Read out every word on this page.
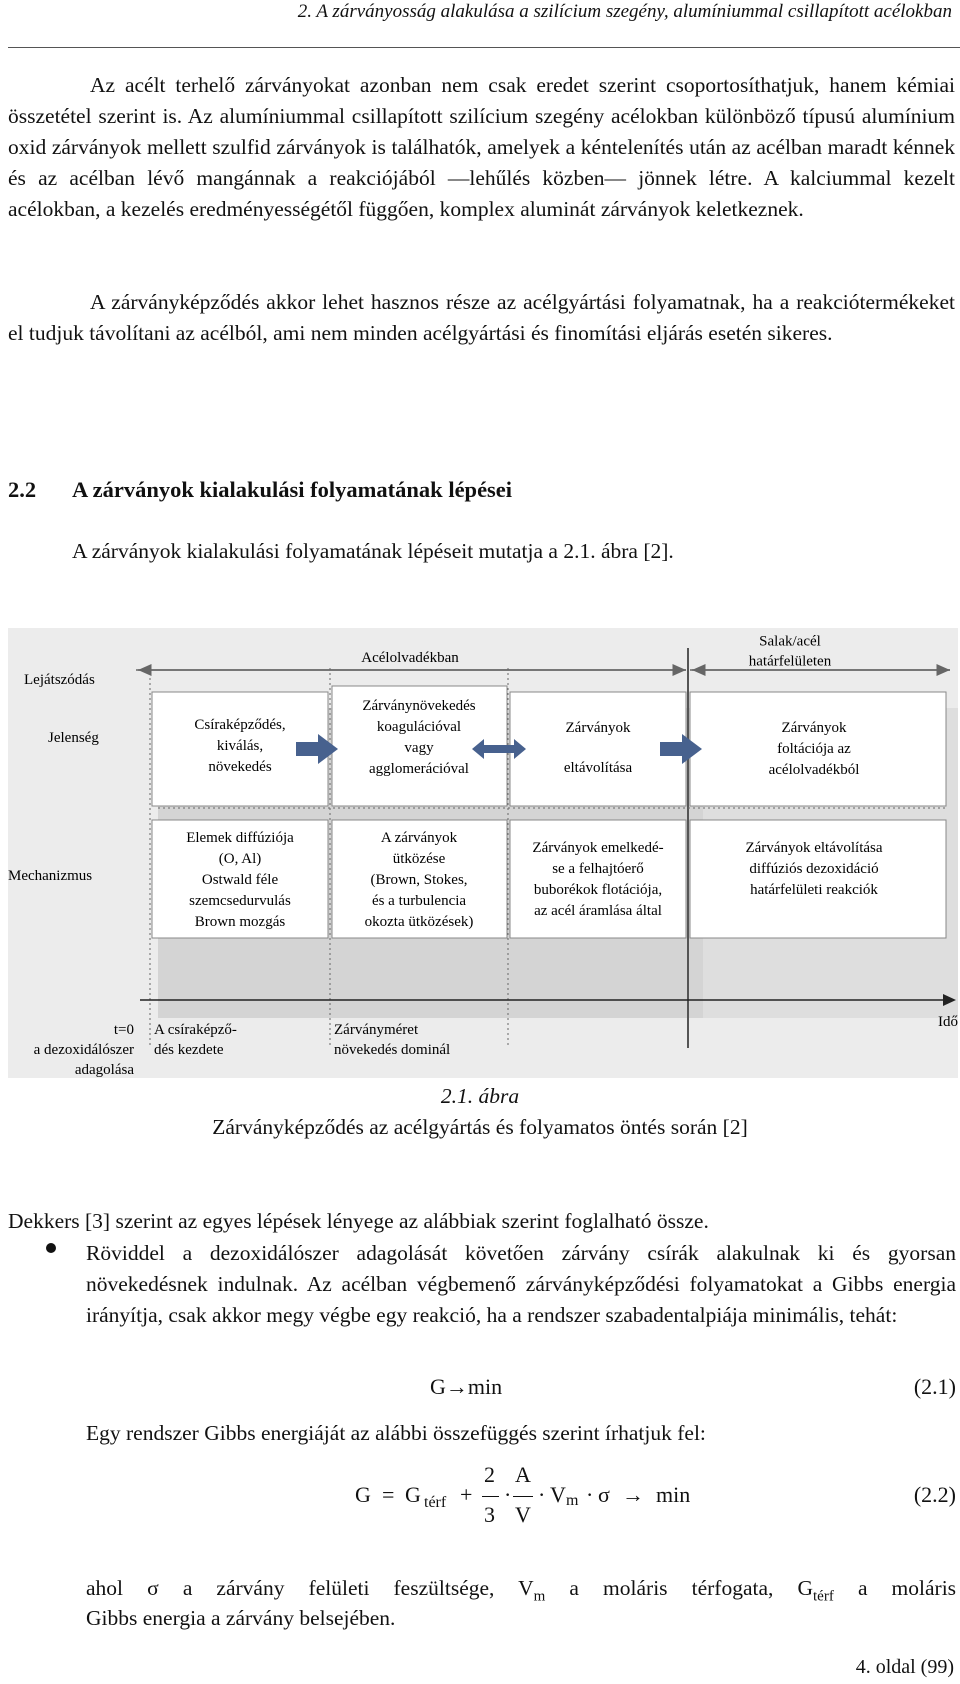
2. A zárványosság alakulása a szilícium szegény, alumíniummal csillapított acélokban

Az acélt terhelő zárványokat azonban nem csak eredet szerint csoportosíthatjuk, hanem kémiai összetétel szerint is. Az alumíniummal csillapított szilícium szegény acélokban különböző típusú alumínium oxid zárványok mellett szulfid zárványok is találhatók, amelyek a kéntelenítés után az acélban maradt kénnek és az acélban lévő mangánnak a reakciójából —lehűlés közben— jönnek létre. A kalciummal kezelt acélokban, a kezelés eredményességétől függően, komplex aluminát zárványok keletkeznek.

A zárványképződés akkor lehet hasznos része az acélgyártási folyamatnak, ha a reakciótermékeket el tudjuk távolítani az acélból, ami nem minden acélgyártási és finomítási eljárás esetén sikeres.

2.2 A zárványok kialakulási folyamatának lépései
A zárványok kialakulási folyamatának lépéseit mutatja a 2.1. ábra [2].
Lejátszódás
Jelenség
Mechanizmus
Acélolvadékban
Salak/acél
határfelületen
Csíraképződés,
kiválás,
növekedés
Zárványnövekedés
koagulációval
vagy
agglomerációval
Zárványok
eltávolítása
Zárványok
foltációja az
acélolvadékból
Elemek diffúziója
(O, Al)
Ostwald féle
szemcsedurvulás
Brown mozgás
A zárványok
ütközése
(Brown, Stokes,
és a turbulencia
okozta ütközések)
Zárványok emelkedé-
se a felhajtóerő
buborékok flotációja,
az acél áramlása által
Zárványok eltávolítása
diffúziós dezoxidáció
határfelületi reakciók
Idő
t=0
a dezoxidálószer
adagolása
A csíraképző-
dés kezdete
Zárványméret
növekedés dominál
2.1. ábra
Zárványképződés az acélgyártás és folyamatos öntés során [2]
Dekkers [3] szerint az egyes lépések lényege az alábbiak szerint foglalható össze.

Röviddel a dezoxidálószer adagolását követően zárvány csírák alakulnak ki és gyorsan növekedésnek indulnak. Az acélban végbemenő zárványképződési folyamatokat a Gibbs energia irányítja, csak akkor megy végbe egy reakció, ha a rendszer szabadentalpiája minimális, tehát:

G→min	(2.1)
Egy rendszer Gibbs energiáját az alábbi összefüggés szerint írhatjuk fel:
G = G térf +
2
3
·
A
V
· V m · σ → min	(2.2)
ahol σ a zárvány felületi feszültsége, $V_m$ a moláris térfogata, $G_{térf}$ a moláris
Gibbs energia a zárvány belsejében.
4. oldal (99)
